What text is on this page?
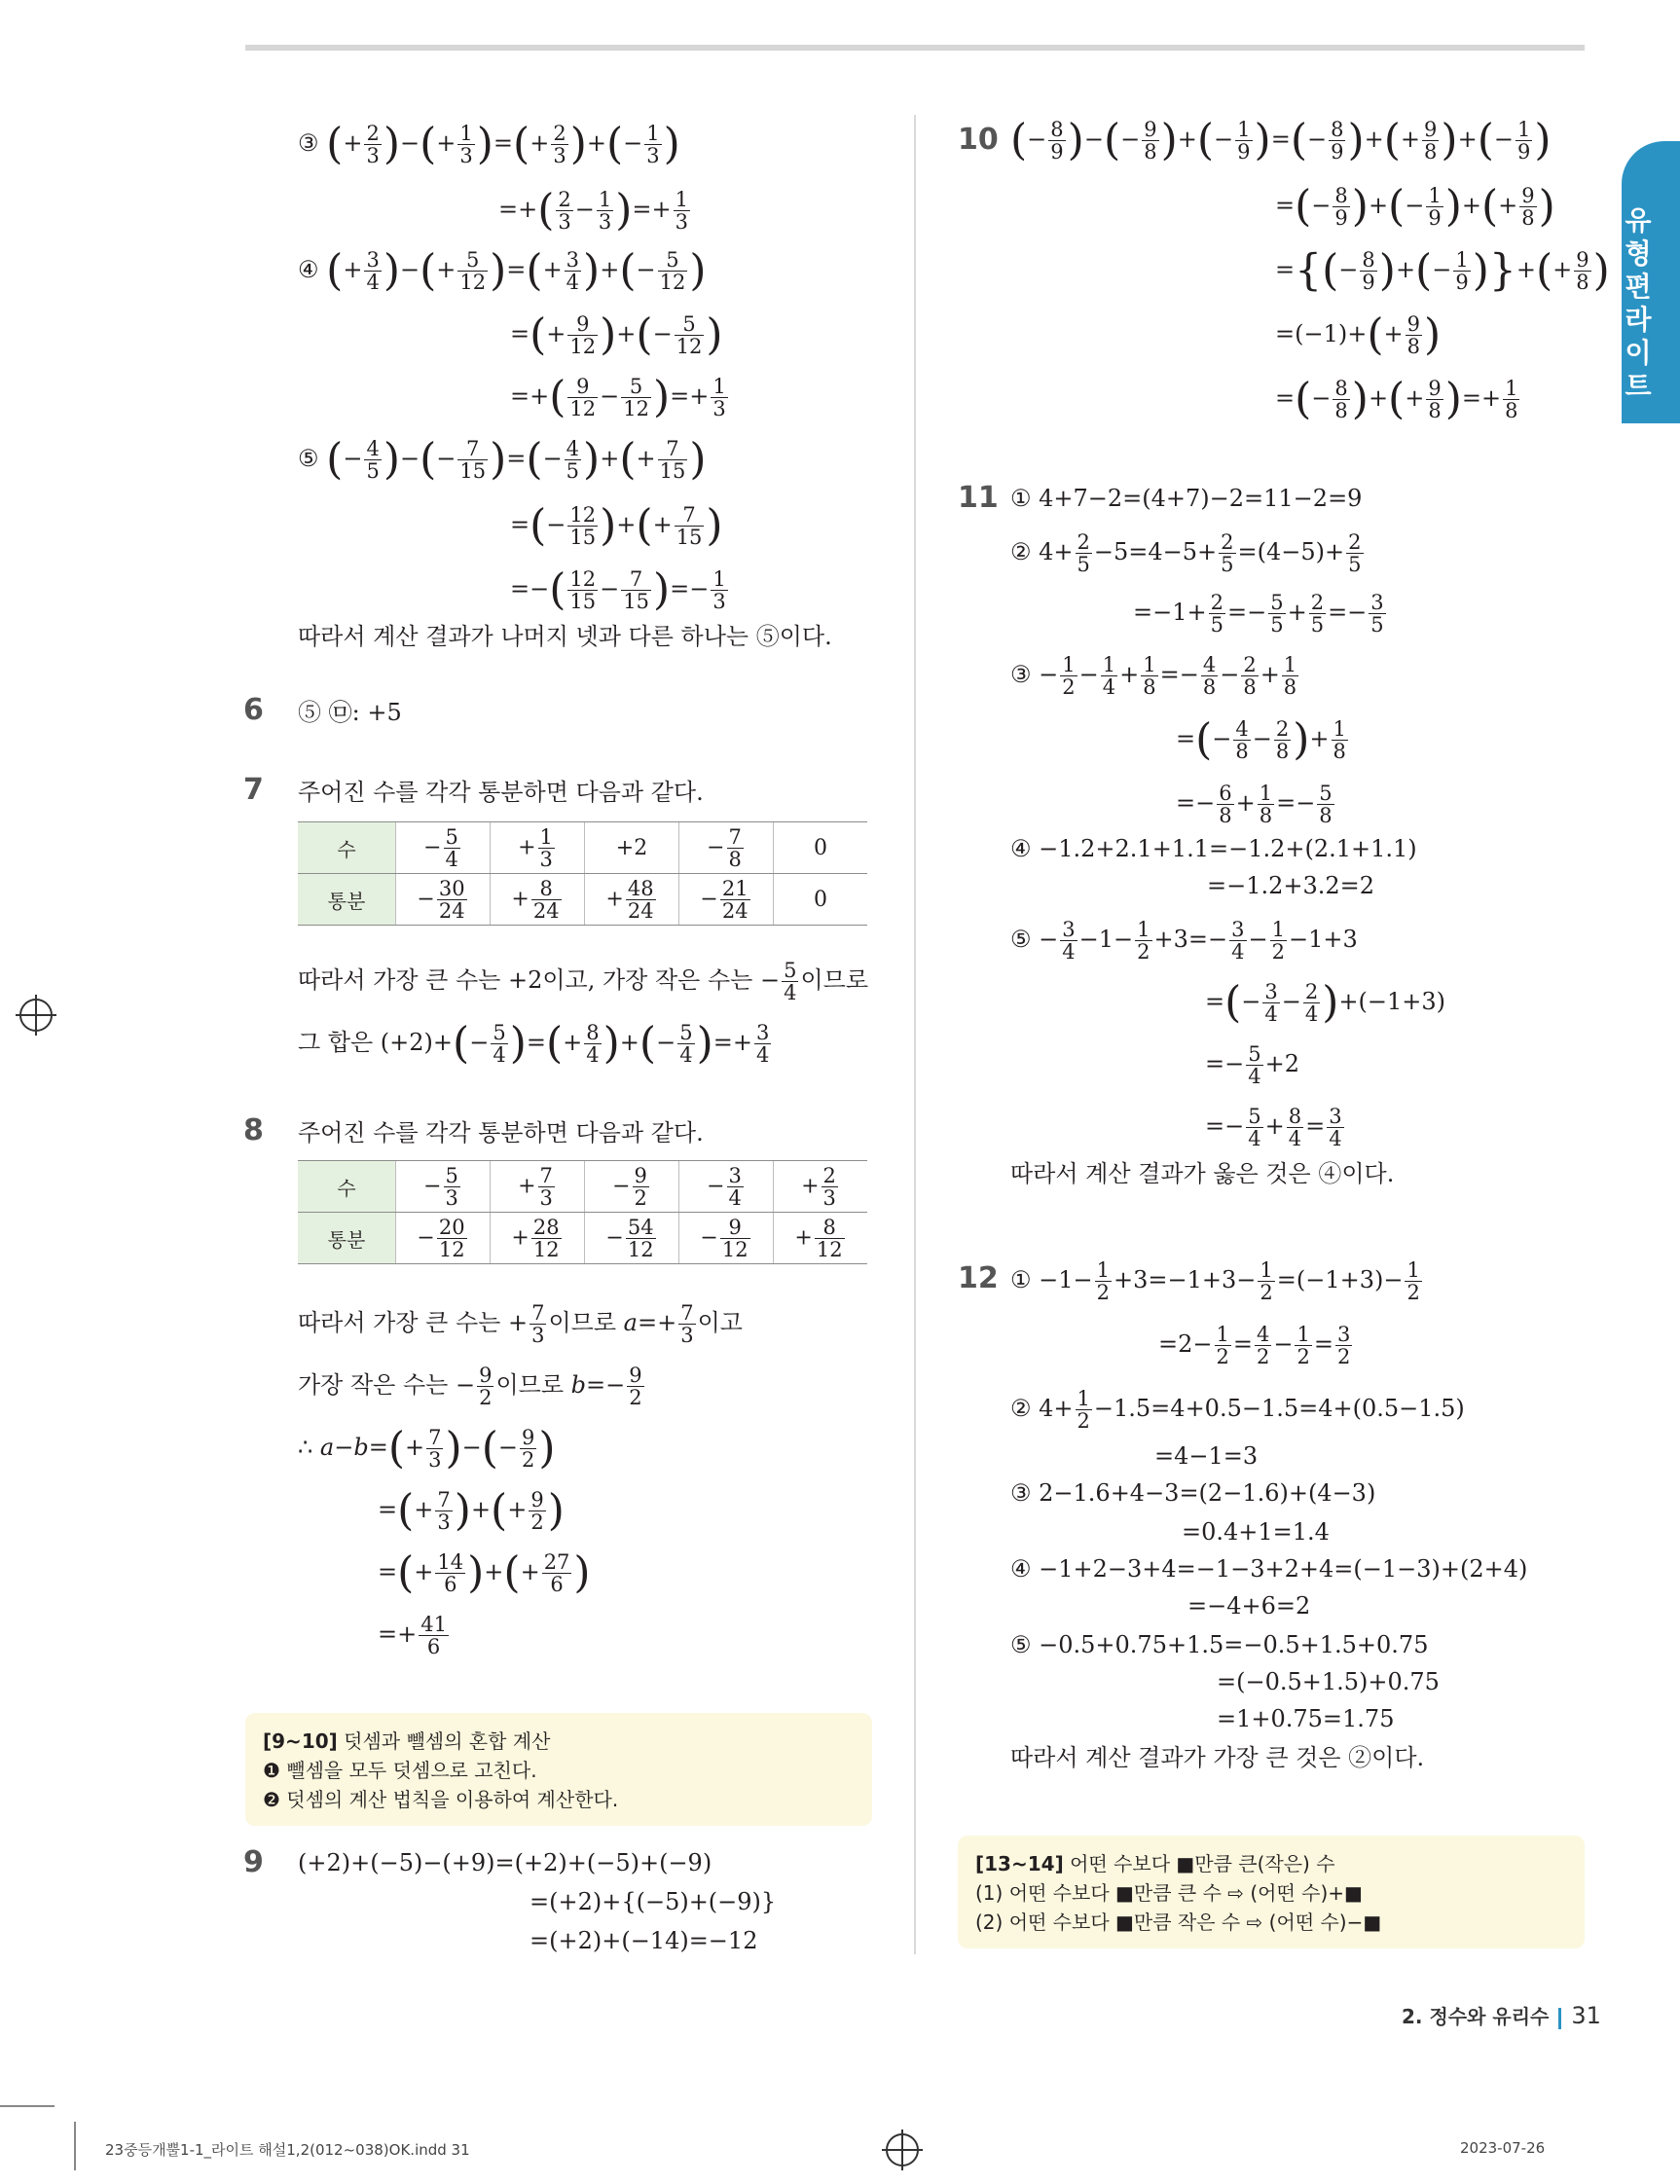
유형편 라이트
③ (+ $\frac{2}{3}$ )−(+ $\frac{1}{3}$ )=(+ $\frac{2}{3}$ )+(− $\frac{1}{3}$ )
=+( $\frac{2}{3} - \frac{1}{3}$ )=+ $\frac{1}{3}$
④ (+ $\frac{3}{4}$ )−(+ $\frac{5}{12}$ )=(+ $\frac{3}{4}$ )+(− $\frac{5}{12}$ )
=(+ $\frac{9}{12}$ )+(− $\frac{5}{12}$ )
=+( $\frac{9}{12} - \frac{5}{12}$ )=+ $\frac{1}{3}$
⑤ (− $\frac{4}{5}$ )−(− $\frac{7}{15}$ )=(− $\frac{4}{5}$ )+(+ $\frac{7}{15}$ )
=(− $\frac{12}{15}$ )+(+ $\frac{7}{15}$ )
=−( $\frac{12}{15} - \frac{7}{15}$ )=− $\frac{1}{3}$
따라서 계산 결과가 나머지 넷과 다른 하나는 ⑤이다.
6 ⑤ ㉤: +5
7 주어진 수를 각각 통분하면 다음과 같다.
수	− $\frac{5}{4}$	+ $\frac{1}{3}$	+2	− $\frac{7}{8}$	0
통분	− $\frac{30}{24}$	+ $\frac{8}{24}$	+ $\frac{48}{24}$	− $\frac{21}{24}$	0
따라서 가장 큰 수는 +2이고, 가장 작은 수는 − $\frac{5}{4}$ 이므로
그 합은 $(+2)+(- \frac{5}{4}$ )=(+ $\frac{8}{4}$ )+(− $\frac{5}{4}$ )=+ $\frac{3}{4}$
8 주어진 수를 각각 통분하면 다음과 같다.
수	− $\frac{5}{3}$	+ $\frac{7}{3}$	− $\frac{9}{2}$	− $\frac{3}{4}$	+ $\frac{2}{3}$

통분	− $\frac{20}{12}$	+ $\frac{28}{12}$	− $\frac{54}{12}$	− $\frac{9}{12}$	+ $\frac{8}{12}$
따라서 가장 큰 수는 + $\frac{7}{3}$ 이므로 $a=+ \frac{7}{3}$ 이고
가장 작은 수는 − $\frac{9}{2}$ 이므로 $b=- \frac{9}{2}$
∴ $a-b=(+ \frac{7}{3}$ )−(− $\frac{9}{2}$ )
=(+ $\frac{7}{3}$ )+(+ $\frac{9}{2}$ )
=(+ $\frac{14}{6}$ )+(+ $\frac{27}{6}$ )
=+ $\frac{41}{6}$
[9~10] 덧셈과 뺄셈의 혼합 계산
❶ 뺄셈을 모두 덧셈으로 고친다.
❷ 덧셈의 계산 법칙을 이용하여 계산한다.
9 (+2)+(−5)−(+9)=(+2)+(−5)+(−9)
=(+2)+{(−5)+(−9)}
=(+2)+(−14)=−12
10 (− $\frac{8}{9}$ )−(− $\frac{9}{8}$ )+(− $\frac{1}{9}$ )=(− $\frac{8}{9}$ )+(+ $\frac{9}{8}$ )+(− $\frac{1}{9}$ )
=(− $\frac{8}{9}$ )+(− $\frac{1}{9}$ )+(+ $\frac{9}{8}$ )
={(− $\frac{8}{9}$ )+(− $\frac{1}{9}$ )}+(+ $\frac{9}{8}$ )
$=(-1)+(+ \frac{9}{8}$ )
=(− $\frac{8}{8}$ )+(+ $\frac{9}{8}$ )=+ $\frac{1}{8}$
11 ① 4+7−2=(4+7)−2=11−2=9
② $4+ \frac{2}{5} -5=4-5+ \frac{2}{5} =(4-5)+ \frac{2}{5}$
$=-1+ \frac{2}{5} =- \frac{5}{5} + \frac{2}{5} =- \frac{3}{5}$
③ − $\frac{1}{2} - \frac{1}{4} + \frac{1}{8} =- \frac{4}{8} - \frac{2}{8} + \frac{1}{8}$
=(− $\frac{4}{8} - \frac{2}{8}$ )+ $\frac{1}{8}$
=− $\frac{6}{8} + \frac{1}{8} =- \frac{5}{8}$
④ −1.2+2.1+1.1=−1.2+(2.1+1.1)
=−1.2+3.2=2
⑤ − $\frac{3}{4} -1- \frac{1}{2} +3=- \frac{3}{4} - \frac{1}{2} -1+3$
=(− $\frac{3}{4} - \frac{2}{4} )+(-1+3)$
=− $\frac{5}{4} +2$
=− $\frac{5}{4} + \frac{8}{4} = \frac{3}{4}$
따라서 계산 결과가 옳은 것은 ④이다.
12 ① $-1- \frac{1}{2} +3=-1+3- \frac{1}{2} =(-1+3)- \frac{1}{2}$
$=2- \frac{1}{2} = \frac{4}{2} - \frac{1}{2} = \frac{3}{2}$
② $4+ \frac{1}{2} -1.5=4+0.5-1.5=4+(0.5-1.5)$
=4−1=3
③ 2−1.6+4−3=(2−1.6)+(4−3)
=0.4+1=1.4
④ −1+2−3+4=−1−3+2+4=(−1−3)+(2+4)
=−4+6=2
⑤ −0.5+0.75+1.5=−0.5+1.5+0.75
=(−0.5+1.5)+0.75
=1+0.75=1.75
따라서 계산 결과가 가장 큰 것은 ②이다.
[13~14] 어떤 수보다 ■만큼 큰(작은) 수
(1) 어떤 수보다 ■만큼 큰 수 ⇨ (어떤 수)+■
(2) 어떤 수보다 ■만큼 작은 수 ⇨ (어떤 수)−■
2. 정수와 유리수 31
23중등개뿔1-1_라이트 해설1,2(012~038)OK.indd 31	2023-07-26
